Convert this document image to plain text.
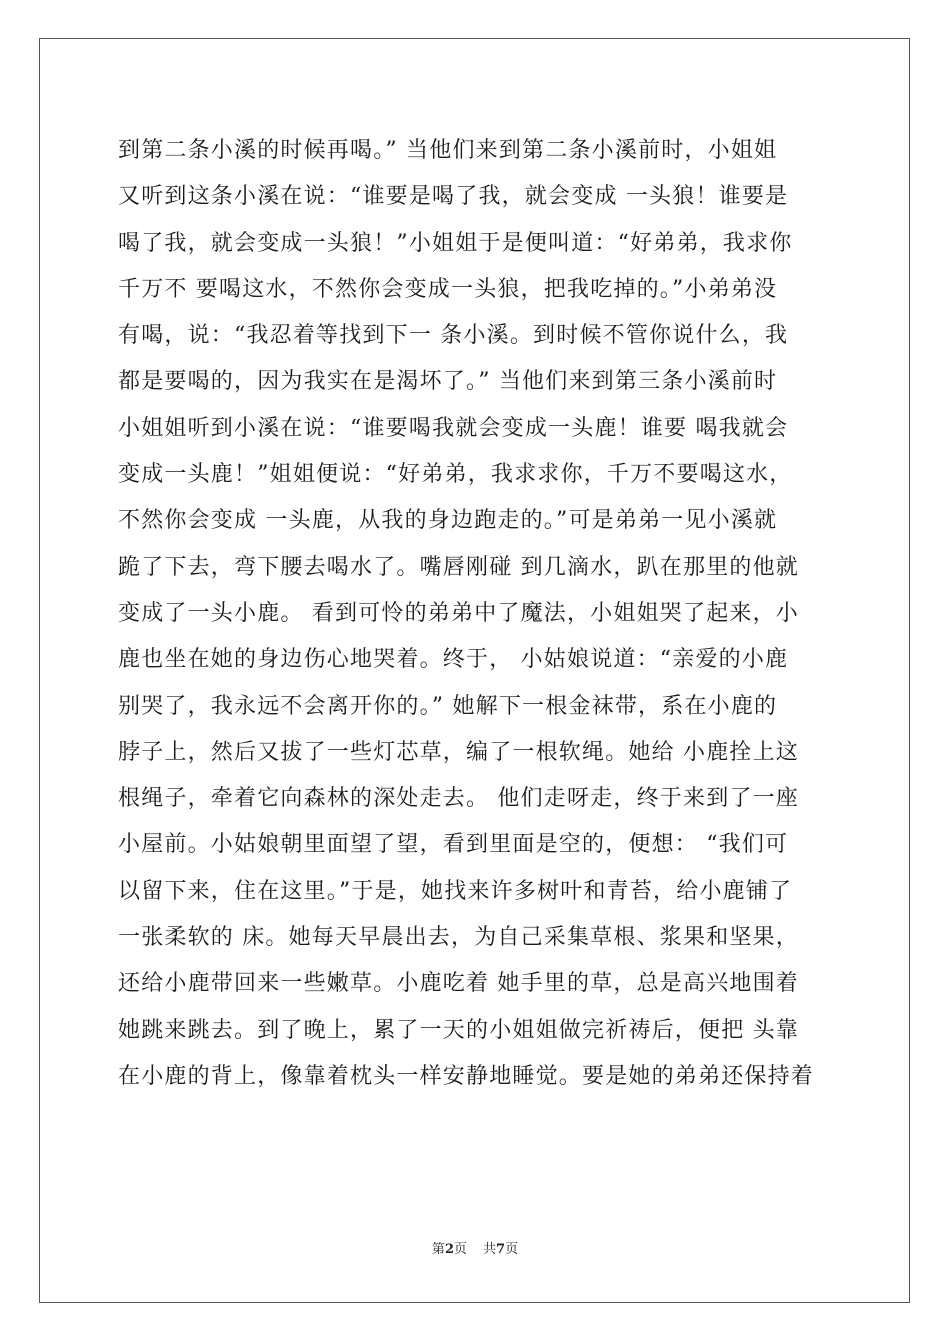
到第二条小溪的时候再喝。” 当他们来到第二条小溪前时，小姐姐
又听到这条小溪在说：“谁要是喝了我，就会变成 一头狼！谁要是
喝了我，就会变成一头狼！”小姐姐于是便叫道：“好弟弟，我求你
千万不 要喝这水，不然你会变成一头狼，把我吃掉的。”小弟弟没
有喝，说：“我忍着等找到下一 条小溪。到时候不管你说什么，我
都是要喝的，因为我实在是渴坏了。” 当他们来到第三条小溪前时
小姐姐听到小溪在说：“谁要喝我就会变成一头鹿！谁要 喝我就会
变成一头鹿！”姐姐便说：“好弟弟，我求求你，千万不要喝这水，
不然你会变成 一头鹿，从我的身边跑走的。”可是弟弟一见小溪就
跪了下去，弯下腰去喝水了。嘴唇刚碰 到几滴水，趴在那里的他就
变成了一头小鹿。 看到可怜的弟弟中了魔法，小姐姐哭了起来，小
鹿也坐在她的身边伤心地哭着。终于， 小姑娘说道：“亲爱的小鹿
别哭了，我永远不会离开你的。” 她解下一根金袜带，系在小鹿的
脖子上，然后又拔了一些灯芯草，编了一根软绳。她给 小鹿拴上这
根绳子，牵着它向森林的深处走去。 他们走呀走，终于来到了一座
小屋前。小姑娘朝里面望了望，看到里面是空的，便想： “我们可
以留下来，住在这里。”于是，她找来许多树叶和青苔，给小鹿铺了
一张柔软的 床。她每天早晨出去，为自己采集草根、浆果和坚果，
还给小鹿带回来一些嫩草。小鹿吃着 她手里的草，总是高兴地围着
她跳来跳去。到了晚上，累了一天的小姐姐做完祈祷后，便把 头靠
在小鹿的背上，像靠着枕头一样安静地睡觉。要是她的弟弟还保持着
第2页 共7页
